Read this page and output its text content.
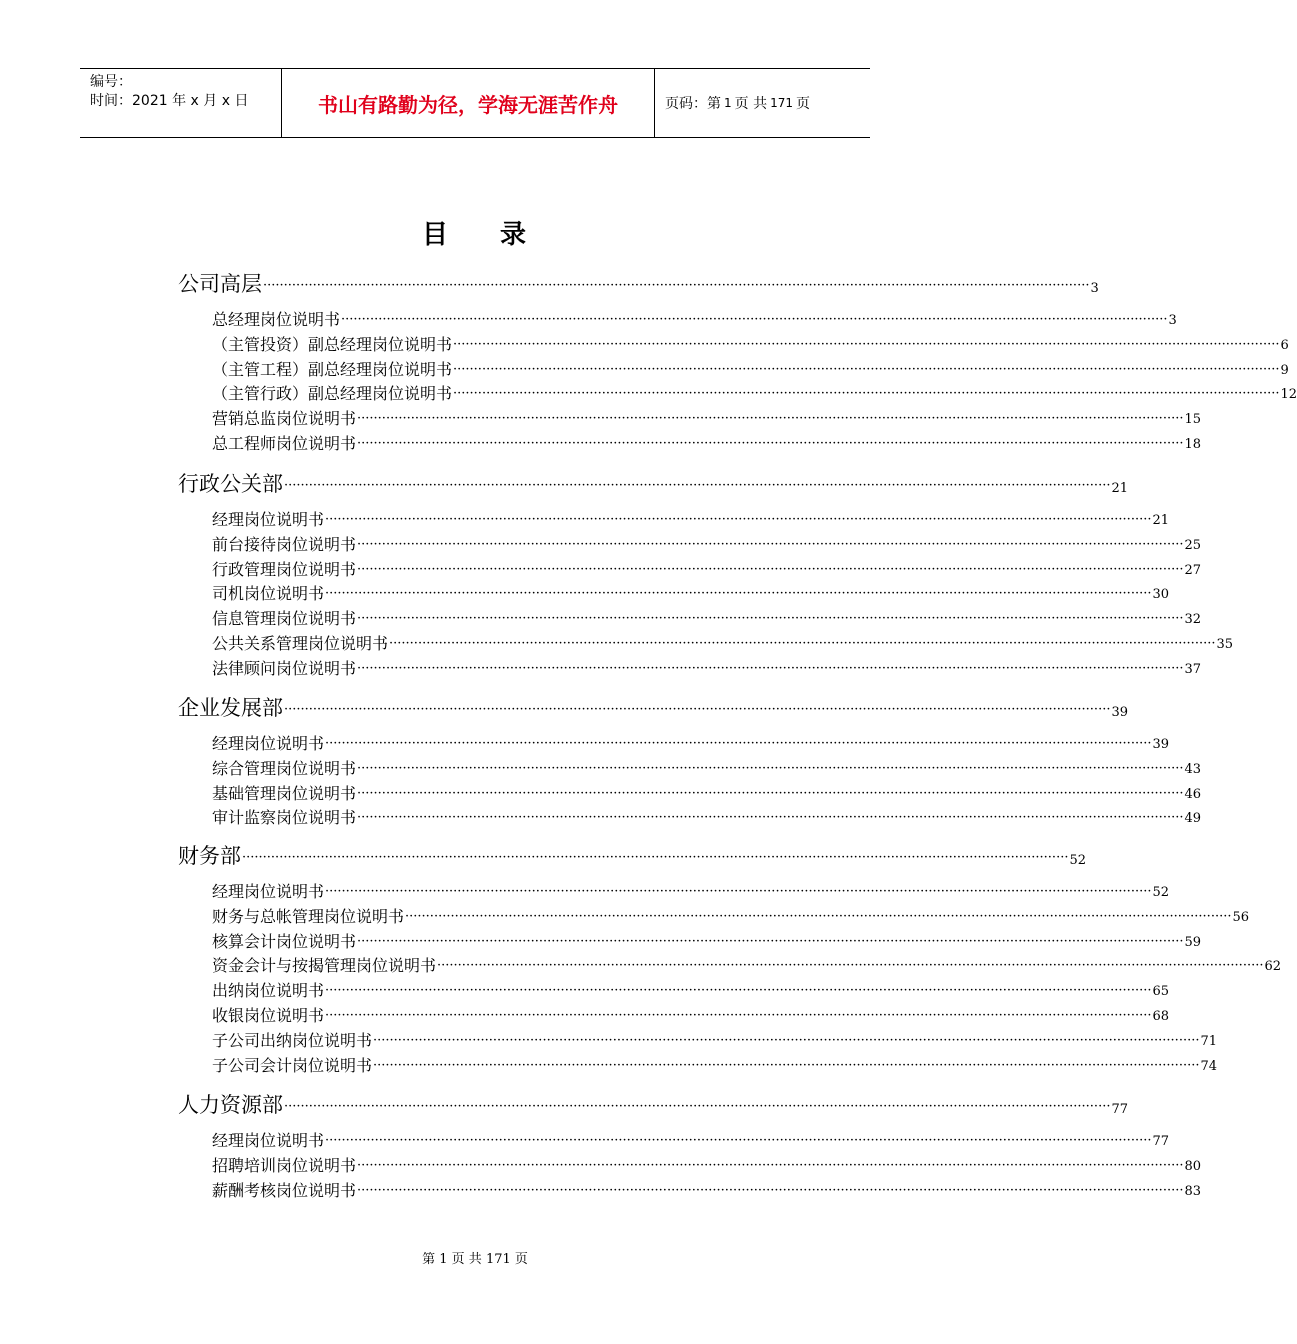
编号：
时间：2021 年 x 月 x 日	书山有路勤为径，学海无涯苦作舟	页码：第 1 页 共 171 页
目 录
公司高层 ········································································································································································································ 3
总经理岗位说明书 ········································································································································································································ 3
（主管投资）副总经理岗位说明书 ········································································································································································································ 6
（主管工程）副总经理岗位说明书 ········································································································································································································ 9
（主管行政）副总经理岗位说明书 ········································································································································································································ 12
营销总监岗位说明书 ········································································································································································································ 15
总工程师岗位说明书 ········································································································································································································ 18
行政公关部 ········································································································································································································ 21
经理岗位说明书 ········································································································································································································ 21
前台接待岗位说明书 ········································································································································································································ 25
行政管理岗位说明书 ········································································································································································································ 27
司机岗位说明书 ········································································································································································································ 30
信息管理岗位说明书 ········································································································································································································ 32
公共关系管理岗位说明书 ········································································································································································································ 35
法律顾问岗位说明书 ········································································································································································································ 37
企业发展部 ········································································································································································································ 39
经理岗位说明书 ········································································································································································································ 39
综合管理岗位说明书 ········································································································································································································ 43
基础管理岗位说明书 ········································································································································································································ 46
审计监察岗位说明书 ········································································································································································································ 49
财务部 ········································································································································································································ 52
经理岗位说明书 ········································································································································································································ 52
财务与总帐管理岗位说明书 ········································································································································································································ 56
核算会计岗位说明书 ········································································································································································································ 59
资金会计与按揭管理岗位说明书 ········································································································································································································ 62
出纳岗位说明书 ········································································································································································································ 65
收银岗位说明书 ········································································································································································································ 68
子公司出纳岗位说明书 ········································································································································································································ 71
子公司会计岗位说明书 ········································································································································································································ 74
人力资源部 ········································································································································································································ 77
经理岗位说明书 ········································································································································································································ 77
招聘培训岗位说明书 ········································································································································································································ 80
薪酬考核岗位说明书 ········································································································································································································ 83
第 1 页 共 171 页
